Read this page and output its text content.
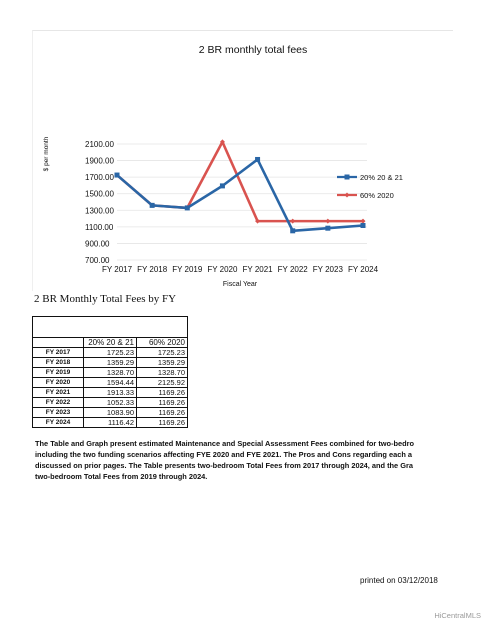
2 BR monthly total fees
700.00
900.00
1100.00
1300.00
1500.00
1700.00
1900.00
2100.00
$ per month
FY 2017 FY 2018 FY 2019 FY 2020 FY 2021 FY 2022 FY 2023 FY 2024
Fiscal Year
20% 20 & 21
60% 2020
2 BR Monthly Total Fees by FY

	20% 20 & 21	60% 2020
FY 2017	1725.23	1725.23
FY 2018	1359.29	1359.29
FY 2019	1328.70	1328.70
FY 2020	1594.44	2125.92
FY 2021	1913.33	1169.26
FY 2022	1052.33	1169.26
FY 2023	1083.90	1169.26
FY 2024	1116.42	1169.26
The Table and Graph present estimated Maintenance and Special Assessment Fees combined for two-bedro
including the two funding scenarios affecting FYE 2020 and FYE 2021. The Pros and Cons regarding each a
discussed on prior pages. The Table presents two-bedroom Total Fees from 2017 through 2024, and the Gra
two-bedroom Total Fees from 2019 through 2024.
printed on 03/12/2018
HiCentralMLS
